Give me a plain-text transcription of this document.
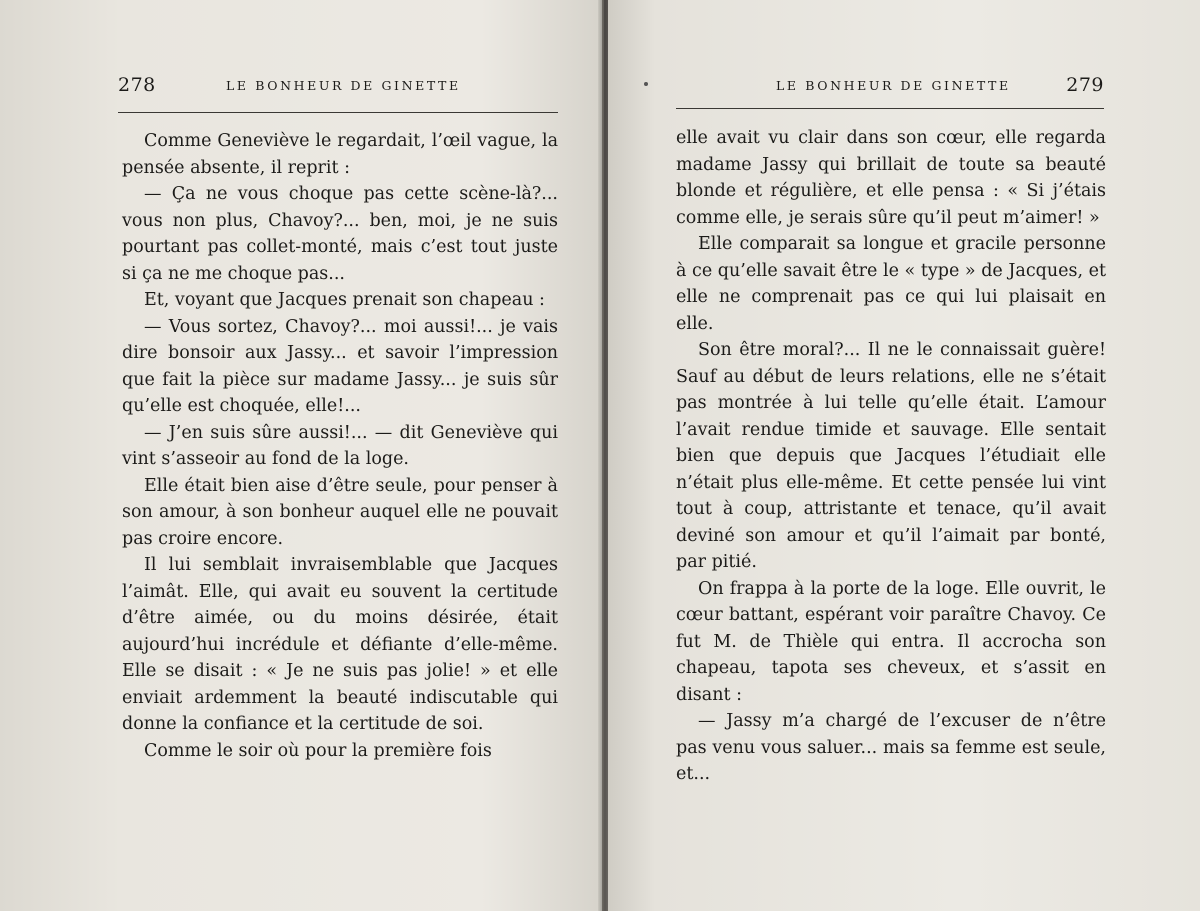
278	LE BONHEUR DE GINETTE

Comme Geneviève le regardait, l’œil vague, la pensée absente, il reprit :

— Ça ne vous choque pas cette scène-là?... vous non plus, Chavoy?... ben, moi, je ne suis pourtant pas collet-monté, mais c’est tout juste si ça ne me choque pas...

Et, voyant que Jacques prenait son chapeau :

— Vous sortez, Chavoy?... moi aussi!... je vais dire bonsoir aux Jassy... et savoir l’impression que fait la pièce sur madame Jassy... je suis sûr qu’elle est choquée, elle!...

— J’en suis sûre aussi!... — dit Geneviève qui vint s’asseoir au fond de la loge.

Elle était bien aise d’être seule, pour penser à son amour, à son bonheur auquel elle ne pouvait pas croire encore.

Il lui semblait invraisemblable que Jacques l’aimât. Elle, qui avait eu souvent la certitude d’être aimée, ou du moins désirée, était aujourd’hui incrédule et défiante d’elle-même. Elle se disait : « Je ne suis pas jolie! » et elle enviait ardemment la beauté indiscutable qui donne la confiance et la certitude de soi.

Comme le soir où pour la première fois

LE BONHEUR DE GINETTE	279

elle avait vu clair dans son cœur, elle regarda madame Jassy qui brillait de toute sa beauté blonde et régulière, et elle pensa : « Si j’étais comme elle, je serais sûre qu’il peut m’aimer! »

Elle comparait sa longue et gracile personne à ce qu’elle savait être le « type » de Jacques, et elle ne comprenait pas ce qui lui plaisait en elle.

Son être moral?... Il ne le connaissait guère! Sauf au début de leurs relations, elle ne s’était pas montrée à lui telle qu’elle était. L’amour l’avait rendue timide et sauvage. Elle sentait bien que depuis que Jacques l’étudiait elle n’était plus elle-même. Et cette pensée lui vint tout à coup, attristante et tenace, qu’il avait deviné son amour et qu’il l’aimait par bonté, par pitié.

On frappa à la porte de la loge. Elle ouvrit, le cœur battant, espérant voir paraître Chavoy. Ce fut M. de Thièle qui entra. Il accrocha son chapeau, tapota ses cheveux, et s’assit en disant :

— Jassy m’a chargé de l’excuser de n’être pas venu vous saluer... mais sa femme est seule, et...
